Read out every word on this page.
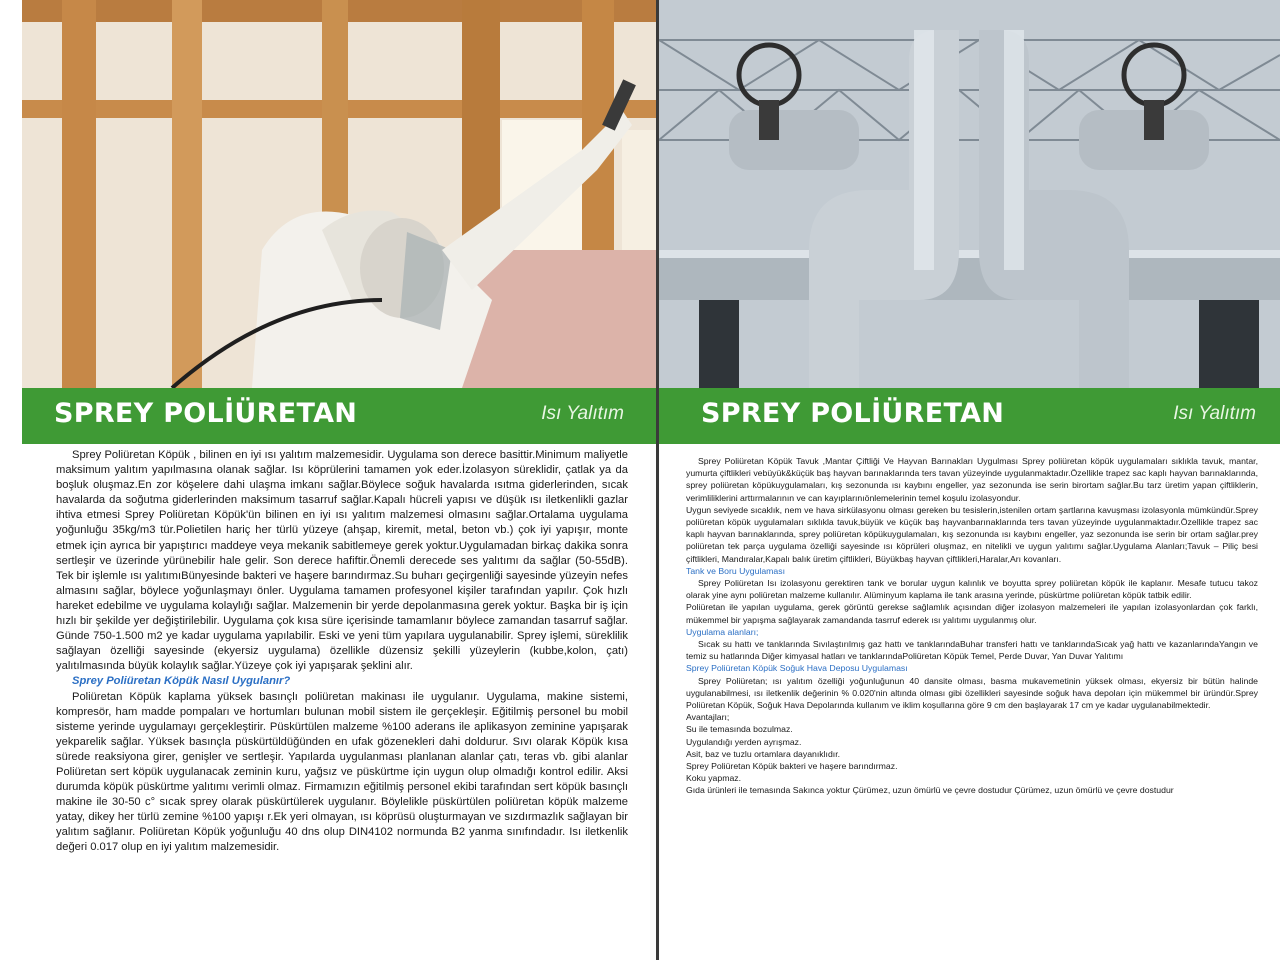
SPREY POLİÜRETAN	Isı Yalıtım

Sprey Poliüretan Köpük , bilinen en iyi ısı yalıtım malzemesidir. Uygulama son derece basittir.Minimum maliyetle maksimum yalıtım yapılmasına olanak sağlar. Isı köprülerini tamamen yok eder.İzolasyon süreklidir, çatlak ya da boşluk oluşmaz.En zor köşelere dahi ulaşma imkanı sağlar.Böylece soğuk havalarda ısıtma giderlerinden, sıcak havalarda da soğutma giderlerinden maksimum tasarruf sağlar.Kapalı hücreli yapısı ve düşük ısı iletkenlikli gazlar ihtiva etmesi Sprey Poliüretan Köpük'ün bilinen en iyi ısı yalıtım malzemesi olmasını sağlar.Ortalama uygulama yoğunluğu 35kg/m3 tür.Polietilen hariç her türlü yüzeye (ahşap, kiremit, metal, beton vb.) çok iyi yapışır, monte etmek için ayrıca bir yapıştırıcı maddeye veya mekanik sabitlemeye gerek yoktur.Uygulamadan birkaç dakika sonra sertleşir ve üzerinde yürünebilir hale gelir. Son derece hafiftir.Önemli derecede ses yalıtımı da sağlar (50-55dB). Tek bir işlemle ısı yalıtımıBünyesinde bakteri ve haşere barındırmaz.Su buharı geçirgenliği sayesinde yüzeyin nefes almasını sağlar, böylece yoğunlaşmayı önler. Uygulama tamamen profesyonel kişiler tarafından yapılır. Çok hızlı hareket edebilme ve uygulama kolaylığı sağlar. Malzemenin bir yerde depolanmasına gerek yoktur. Başka bir iş için hızlı bir şekilde yer değiştirilebilir. Uygulama çok kısa süre içerisinde tamamlanır böylece zamandan tasarruf sağlar. Günde 750-1.500 m2 ye kadar uygulama yapılabilir. Eski ve yeni tüm yapılara uygulanabilir. Sprey işlemi, süreklilik sağlayan özelliği sayesinde (ekyersiz uygulama) özellikle düzensiz şekilli yüzeylerin (kubbe,kolon, çatı) yalıtılmasında büyük kolaylık sağlar.Yüzeye çok iyi yapışarak şeklini alır.

Sprey Poliüretan Köpük Nasıl Uygulanır?

Poliüretan Köpük kaplama yüksek basınçlı poliüretan makinası ile uygulanır. Uygulama, makine sistemi, kompresör, ham madde pompaları ve hortumları bulunan mobil sistem ile gerçekleşir. Eğitilmiş personel bu mobil sisteme yerinde uygulamayı gerçekleştirir. Püskürtülen malzeme %100 aderans ile aplikasyon zeminine yapışarak yekparelik sağlar. Yüksek basınçla püskürtüldüğünden en ufak gözenekleri dahi doldurur. Sıvı olarak Köpük kısa sürede reaksiyona girer, genişler ve sertleşir. Yapılarda uygulanması planlanan alanlar çatı, teras vb. gibi alanlar Poliüretan sert köpük uygulanacak zeminin kuru, yağsız ve püskürtme için uygun olup olmadığı kontrol edilir. Aksi durumda köpük püskürtme yalıtımı verimli olmaz. Firmamızın eğitilmiş personel ekibi tarafından sert köpük basınçlı makine ile 30-50 c° sıcak sprey olarak püskürtülerek uygulanır. Böylelikle püskürtülen poliüretan köpük malzeme yatay, dikey her türlü zemine %100 yapışı r.Ek yeri olmayan, ısı köprüsü oluşturmayan ve sızdırmazlık sağlayan bir yalıtım sağlanır. Poliüretan Köpük yoğunluğu 40 dns olup DIN4102 normunda B2 yanma sınıfındadır. Isı iletkenlik değeri 0.017 olup en iyi yalıtım malzemesidir.

SPREY POLİÜRETAN	Isı Yalıtım

Sprey Poliüretan Köpük Tavuk ,Mantar Çiftliği Ve Hayvan Barınakları Uygulması Sprey poliüretan köpük uygulamaları sıklıkla tavuk, mantar, yumurta çiftlikleri vebüyük&küçük baş hayvan barınaklarında ters tavan yüzeyinde uygulanmaktadır.Özellikle trapez sac kaplı hayvan barınaklarında, sprey poliüretan köpükuygulamaları, kış sezonunda ısı kaybını engeller, yaz sezonunda ise serin birortam sağlar.Bu tarz üretim yapan çiftliklerin, verimliliklerini arttırmalarının ve can kayıplarınıönlemelerinin temel koşulu izolasyondur.

Uygun seviyede sıcaklık, nem ve hava sirkülasyonu olması gereken bu tesislerin,istenilen ortam şartlarına kavuşması izolasyonla mümkündür.Sprey poliüretan köpük uygulamaları sıklıkla tavuk,büyük ve küçük baş hayvanbarınaklarında ters tavan yüzeyinde uygulanmaktadır.Özellikle trapez sac kaplı hayvan barınaklarında, sprey poliüretan köpükuygulamaları, kış sezonunda ısı kaybını engeller, yaz sezonunda ise serin bir ortam sağlar.prey poliüretan tek parça uygulama özelliği sayesinde ısı köprüleri oluşmaz, en nitelikli ve uygun yalıtımı sağlar.Uygulama Alanları;Tavuk – Piliç besi çiftlikleri, Mandıralar,Kapalı balık üretim çiftlikleri, Büyükbaş hayvan çiftlikleri,Haralar,Arı kovanları.

Tank ve Boru Uygulaması

Sprey Poliüretan Isı izolasyonu gerektiren tank ve borular uygun kalınlık ve boyutta sprey poliüretan köpük ile kaplanır. Mesafe tutucu takoz olarak yine aynı poliüretan malzeme kullanılır. Alüminyum kaplama ile tank arasına yerinde, püskürtme poliüretan köpük tatbik edilir.

Poliüretan ile yapılan uygulama, gerek görüntü gerekse sağlamlık açısından diğer izolasyon malzemeleri ile yapılan izolasyonlardan çok farklı, mükemmel bir yapışma sağlayarak zamandanda tasrruf ederek ısı yalıtımı uygulanmış olur.

Uygulama alanları;

Sıcak su hattı ve tanklarında Sıvılaştırılmış gaz hattı ve tanklarındaBuhar transferi hattı ve tanklarındaSıcak yağ hattı ve kazanlarındaYangın ve temiz su hatlarında Diğer kimyasal hatları ve tanklarındaPoliüretan Köpük Temel, Perde Duvar, Yan Duvar Yalıtımı

Sprey Poliüretan Köpük Soğuk Hava Deposu Uygulaması

Sprey Poliüretan; ısı yalıtım özelliği yoğunluğunun 40 dansite olması, basma mukavemetinin yüksek olması, ekyersiz bir bütün halinde uygulanabilmesi, ısı iletkenlik değerinin % 0.020'nin altında olması gibi özellikleri sayesinde soğuk hava depoları için mükemmel bir üründür.Sprey Poliüretan Köpük, Soğuk Hava Depolarında kullanım ve iklim koşullarına göre 9 cm den başlayarak 17 cm ye kadar uygulanabilmektedir.

Avantajları;

Su ile temasında bozulmaz.

Uygulandığı yerden ayrışmaz.

Asit, baz ve tuzlu ortamlara dayanıklıdır.

Sprey Poliüretan Köpük bakteri ve haşere barındırmaz.

Koku yapmaz.

Gıda ürünleri ile temasında Sakınca yoktur Çürümez, uzun ömürlü ve çevre dostudur Çürümez, uzun ömürlü ve çevre dostudur
